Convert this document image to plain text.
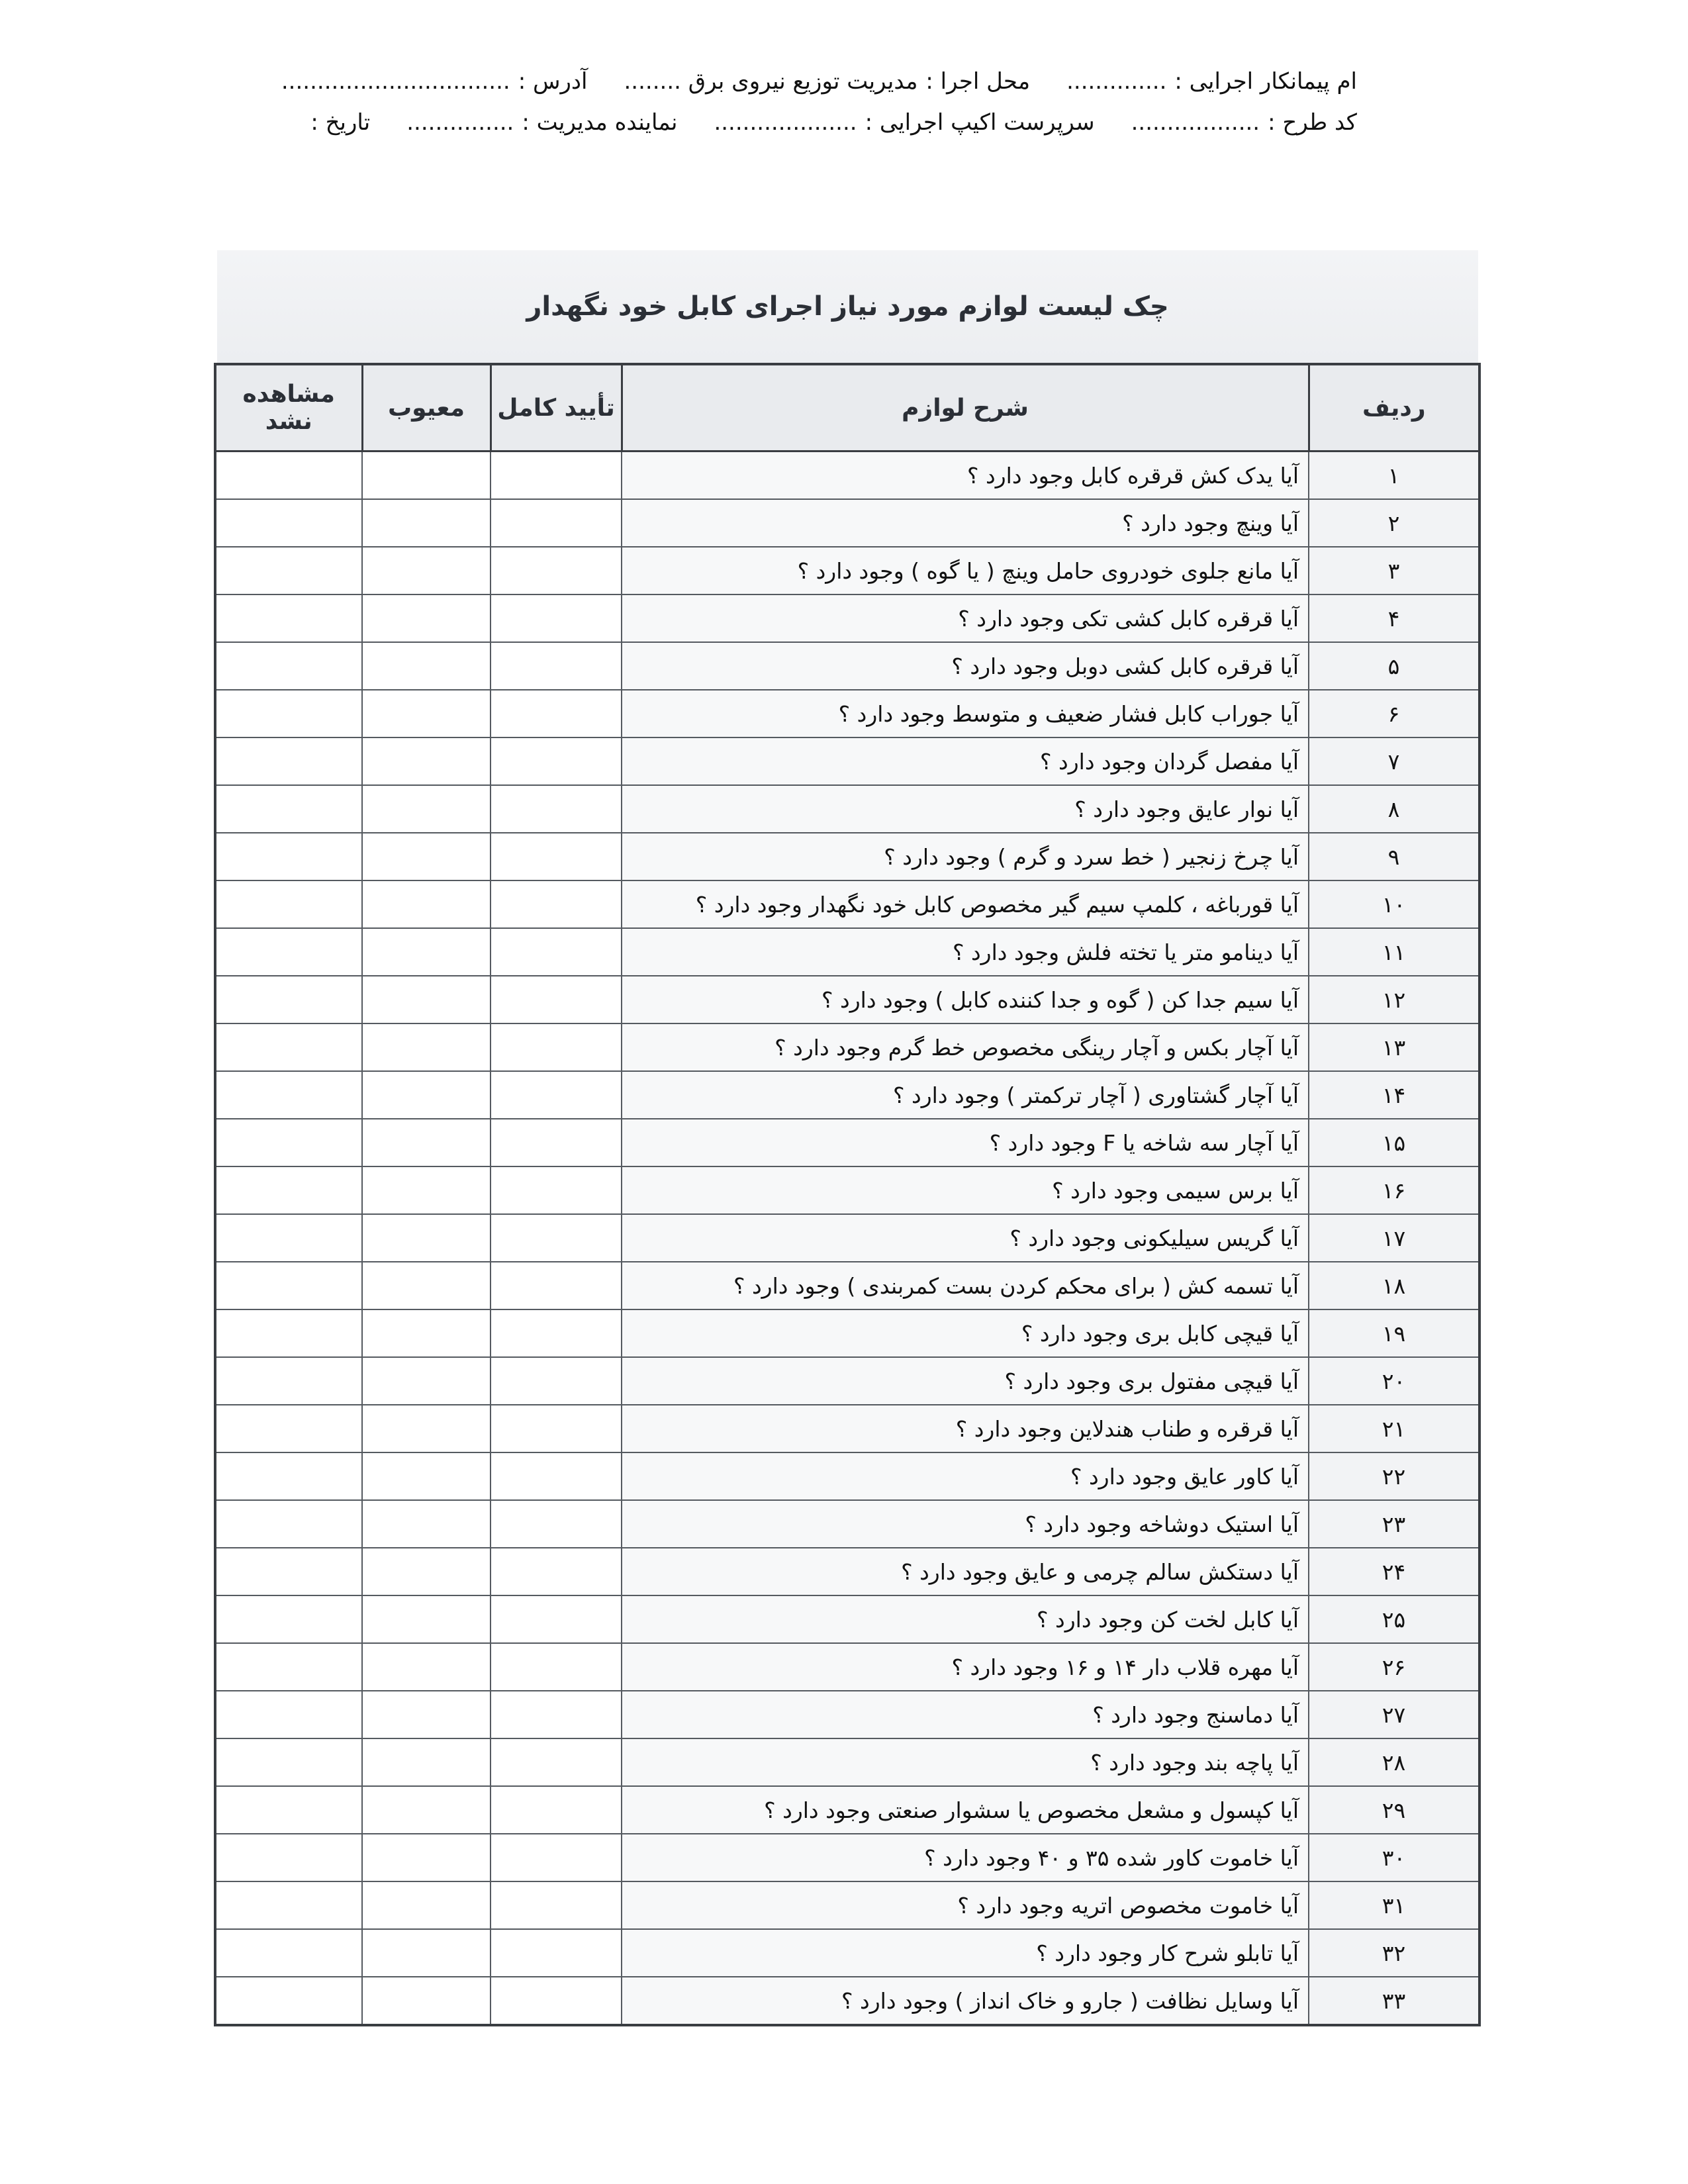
ام پیمانکار اجرایی :
..............
محل اجرا :
مدیریت توزیع نیروی برق ........
آدرس :
................................
کد طرح :
..................
سرپرست اکیپ اجرایی :
....................
نماینده مدیریت :
...............
تاریخ :
چک لیست لوازم مورد نیاز اجرای کابل خود نگهدار
ردیف	شرح لوازم	تأیید کامل	معیوب	مشاهده نشد
۱	آیا یدک کش قرقره کابل وجود دارد ؟			
۲	آیا وینچ وجود دارد ؟			
۳	آیا مانع جلوی خودروی حامل وینچ ( یا گوه ) وجود دارد ؟			
۴	آیا قرقره کابل کشی تکی وجود دارد ؟			
۵	آیا قرقره کابل کشی دوبل وجود دارد ؟			
۶	آیا جوراب کابل فشار ضعیف و متوسط وجود دارد ؟			
۷	آیا مفصل گردان وجود دارد ؟			
۸	آیا نوار عایق وجود دارد ؟			
۹	آیا چرخ زنجیر ( خط سرد و گرم ) وجود دارد ؟			
۱۰	آیا قورباغه ، کلمپ سیم گیر مخصوص کابل خود نگهدار وجود دارد ؟			
۱۱	آیا دینامو متر یا تخته فلش وجود دارد ؟			
۱۲	آیا سیم جدا کن ( گوه و جدا کننده کابل ) وجود دارد ؟			
۱۳	آیا آچار بکس و آچار رینگی مخصوص خط گرم وجود دارد ؟			
۱۴	آیا آچار گشتاوری ( آچار ترکمتر ) وجود دارد ؟			
۱۵	آیا آچار سه شاخه یا F وجود دارد ؟			
۱۶	آیا برس سیمی وجود دارد ؟			
۱۷	آیا گریس سیلیکونی وجود دارد ؟			
۱۸	آیا تسمه کش ( برای محکم کردن بست کمربندی ) وجود دارد ؟			
۱۹	آیا قیچی کابل بری وجود دارد ؟			
۲۰	آیا قیچی مفتول بری وجود دارد ؟			
۲۱	آیا قرقره و طناب هندلاین وجود دارد ؟			
۲۲	آیا کاور عایق وجود دارد ؟			
۲۳	آیا استیک دوشاخه وجود دارد ؟			
۲۴	آیا دستکش سالم چرمی و عایق وجود دارد ؟			
۲۵	آیا کابل لخت کن وجود دارد ؟			
۲۶	آیا مهره قلاب دار ۱۴ و ۱۶ وجود دارد ؟			
۲۷	آیا دماسنج وجود دارد ؟			
۲۸	آیا پاچه بند وجود دارد ؟			
۲۹	آیا کپسول و مشعل مخصوص یا سشوار صنعتی وجود دارد ؟			
۳۰	آیا خاموت کاور شده ۳۵ و ۴۰ وجود دارد ؟			
۳۱	آیا خاموت مخصوص اتریه وجود دارد ؟			
۳۲	آیا تابلو شرح کار وجود دارد ؟			
۳۳	آیا وسایل نظافت ( جارو و خاک انداز ) وجود دارد ؟			
